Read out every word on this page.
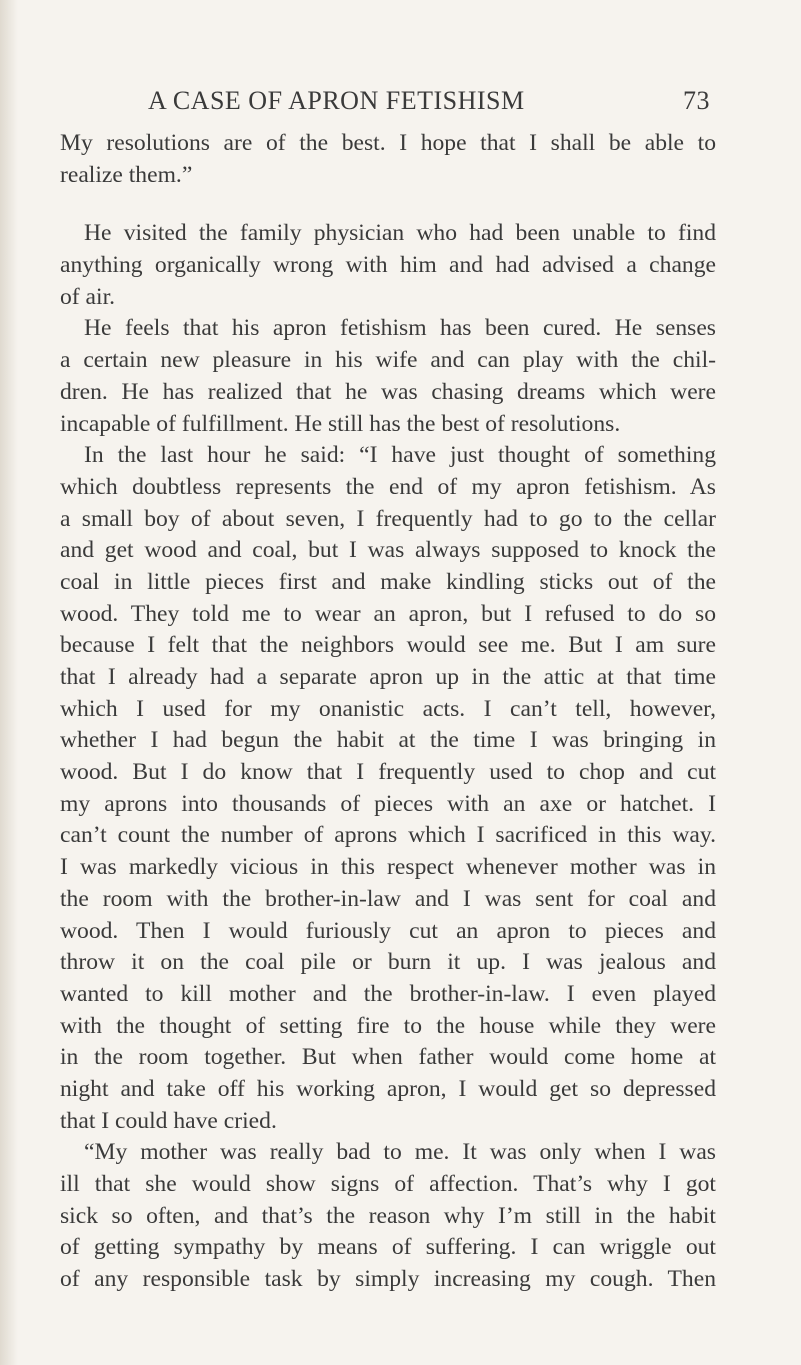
A CASE OF APRON FETISHISM	73
My resolutions are of the best. I hope that I shall be able to
realize them.”
He visited the family physician who had been unable to find
anything organically wrong with him and had advised a change
of air.
He feels that his apron fetishism has been cured. He senses
a certain new pleasure in his wife and can play with the chil-
dren. He has realized that he was chasing dreams which were
incapable of fulfillment. He still has the best of resolutions.
In the last hour he said: “I have just thought of something
which doubtless represents the end of my apron fetishism. As
a small boy of about seven, I frequently had to go to the cellar
and get wood and coal, but I was always supposed to knock the
coal in little pieces first and make kindling sticks out of the
wood. They told me to wear an apron, but I refused to do so
because I felt that the neighbors would see me. But I am sure
that I already had a separate apron up in the attic at that time
which I used for my onanistic acts. I can’t tell, however,
whether I had begun the habit at the time I was bringing in
wood. But I do know that I frequently used to chop and cut
my aprons into thousands of pieces with an axe or hatchet. I
can’t count the number of aprons which I sacrificed in this way.
I was markedly vicious in this respect whenever mother was in
the room with the brother-in-law and I was sent for coal and
wood. Then I would furiously cut an apron to pieces and
throw it on the coal pile or burn it up. I was jealous and
wanted to kill mother and the brother-in-law. I even played
with the thought of setting fire to the house while they were
in the room together. But when father would come home at
night and take off his working apron, I would get so depressed
that I could have cried.
“My mother was really bad to me. It was only when I was
ill that she would show signs of affection. That’s why I got
sick so often, and that’s the reason why I’m still in the habit
of getting sympathy by means of suffering. I can wriggle out
of any responsible task by simply increasing my cough. Then
